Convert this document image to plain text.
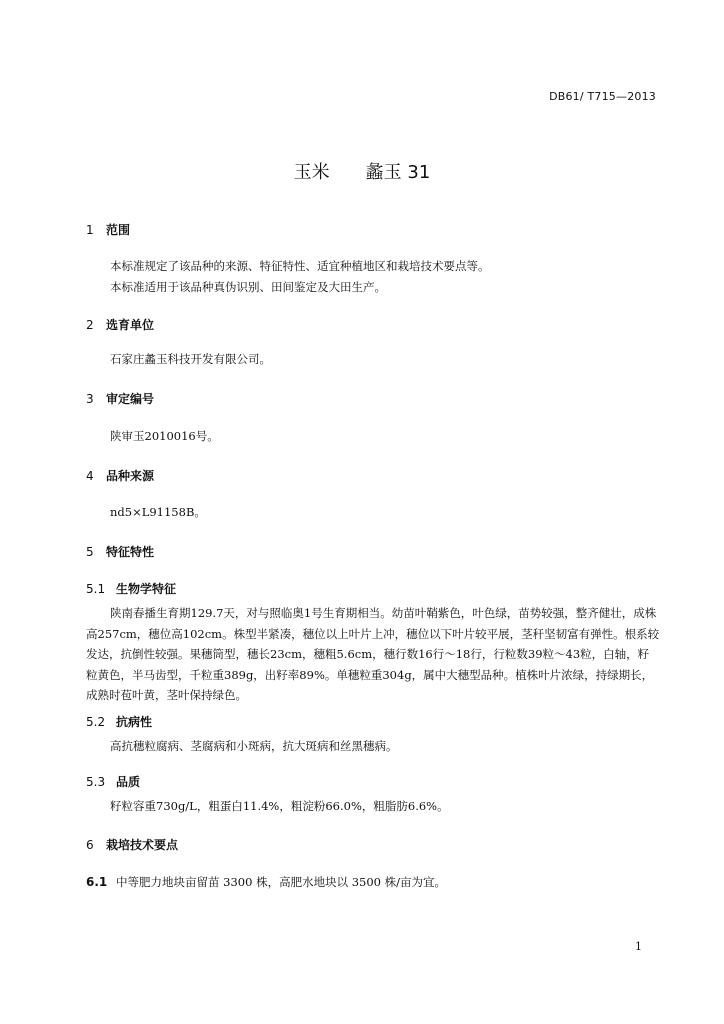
DB61/ T715—2013
玉米 蠡玉 31
1 范围
本标准规定了该品种的来源、特征特性、适宜种植地区和栽培技术要点等。
本标准适用于该品种真伪识别、田间鉴定及大田生产。
2 选育单位
石家庄蠡玉科技开发有限公司。
3 审定编号
陕审玉2010016号。
4 品种来源
nd5×L91158B。
5 特征特性
5.1 生物学特征
陕南春播生育期129.7天，对与照临奥1号生育期相当。幼苗叶鞘紫色，叶色绿，苗势较强，整齐健壮，成株高257cm，穗位高102cm。株型半紧凑，穗位以上叶片上冲，穗位以下叶片较平展，茎秆坚韧富有弹性。根系较发达，抗倒性较强。果穗筒型，穗长23cm，穗粗5.6cm，穗行数16行～18行，行粒数39粒～43粒，白轴，籽粒黄色，半马齿型，千粒重389g，出籽率89%。单穗粒重304g，属中大穗型品种。植株叶片浓绿，持绿期长，成熟时苞叶黄，茎叶保持绿色。
5.2 抗病性
高抗穗粒腐病、茎腐病和小斑病，抗大斑病和丝黑穗病。
5.3 品质
籽粒容重730g/L，粗蛋白11.4%，粗淀粉66.0%，粗脂肪6.6%。
6 栽培技术要点
6.1 中等肥力地块亩留苗 3300 株，高肥水地块以 3500 株/亩为宜。
1
